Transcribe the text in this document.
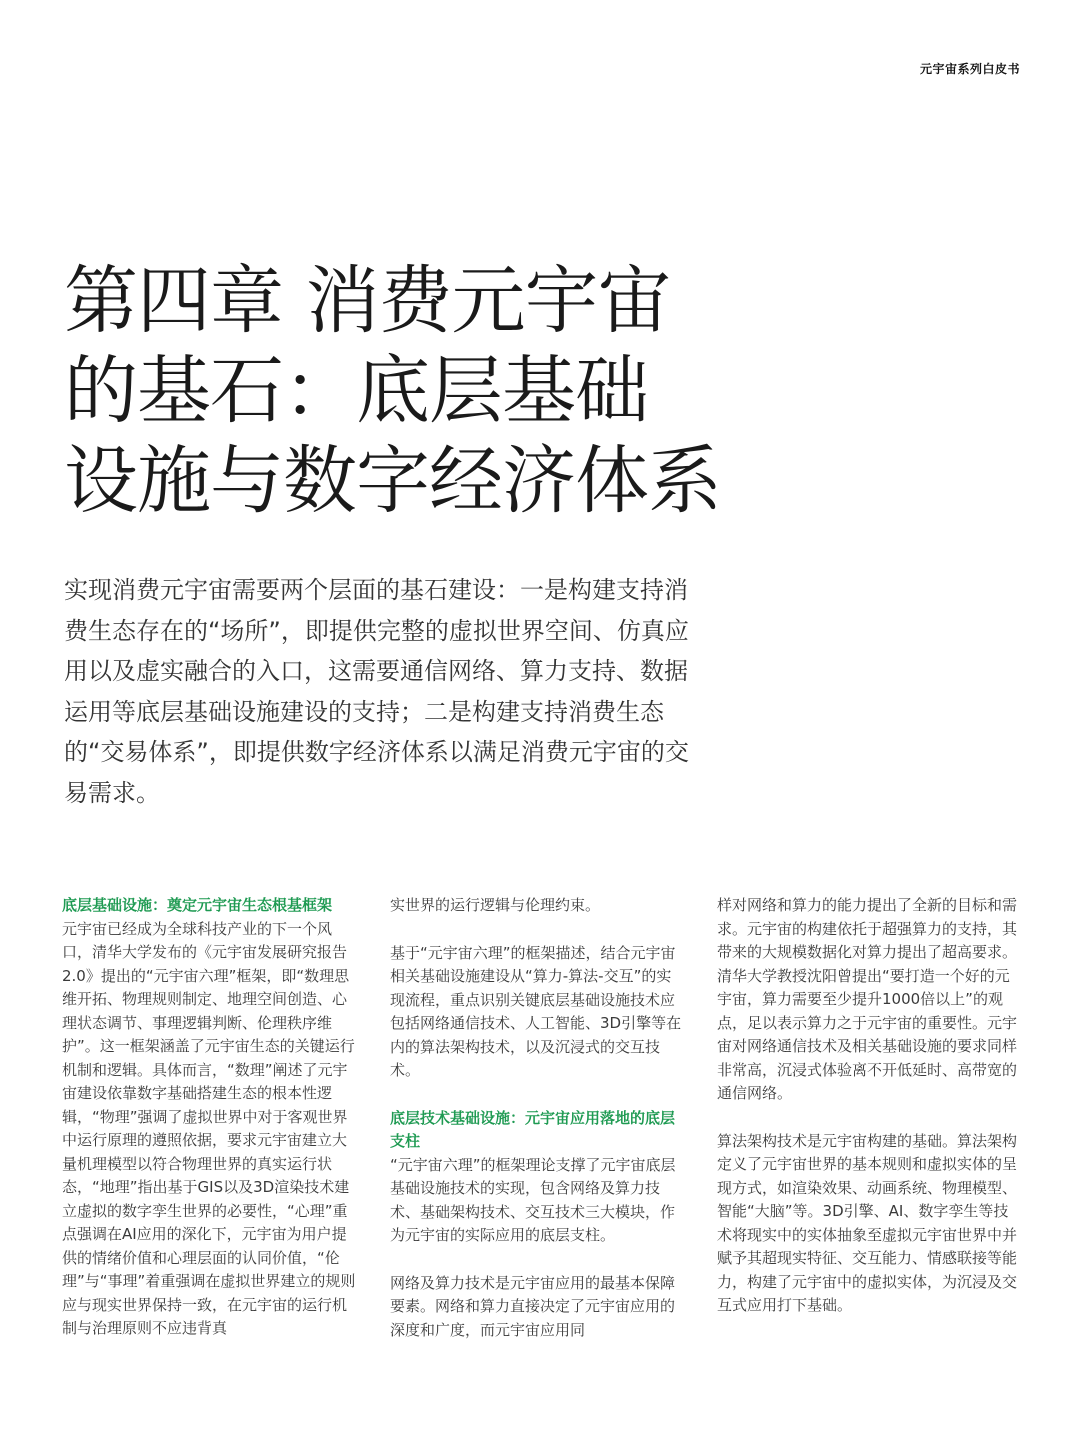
元宇宙系列白皮书
第四章 消费元宇宙
的基石：底层基础
设施与数字经济体系

实现消费元宇宙需要两个层面的基石建设：一是构建支持消费生态存在的“场所”，即提供完整的虚拟世界空间、仿真应用以及虚实融合的入口，这需要通信网络、算力支持、数据运用等底层基础设施建设的支持；二是构建支持消费生态的“交易体系”，即提供数字经济体系以满足消费元宇宙的交易需求。

底层基础设施：奠定元宇宙生态根基框架

元宇宙已经成为全球科技产业的下一个风口，清华大学发布的《元宇宙发展研究报告2.0》提出的“元宇宙六理”框架，即“数理思维开拓、物理规则制定、地理空间创造、心理状态调节、事理逻辑判断、伦理秩序维护”。这一框架涵盖了元宇宙生态的关键运行机制和逻辑。具体而言，“数理”阐述了元宇宙建设依靠数字基础搭建生态的根本性逻辑，“物理”强调了虚拟世界中对于客观世界中运行原理的遵照依据，要求元宇宙建立大量机理模型以符合物理世界的真实运行状态，“地理”指出基于GIS以及3D渲染技术建立虚拟的数字孪生世界的必要性，“心理”重点强调在AI应用的深化下，元宇宙为用户提供的情绪价值和心理层面的认同价值，“伦理”与“事理”着重强调在虚拟世界建立的规则应与现实世界保持一致，在元宇宙的运行机制与治理原则不应违背真

实世界的运行逻辑与伦理约束。

基于“元宇宙六理”的框架描述，结合元宇宙相关基础设施建设从“算力-算法-交互”的实现流程，重点识别关键底层基础设施技术应包括网络通信技术、人工智能、3D引擎等在内的算法架构技术，以及沉浸式的交互技术。

底层技术基础设施：元宇宙应用落地的底层支柱

“元宇宙六理”的框架理论支撑了元宇宙底层基础设施技术的实现，包含网络及算力技术、基础架构技术、交互技术三大模块，作为元宇宙的实际应用的底层支柱。

网络及算力技术是元宇宙应用的最基本保障要素。网络和算力直接决定了元宇宙应用的深度和广度，而元宇宙应用同

样对网络和算力的能力提出了全新的目标和需求。元宇宙的构建依托于超强算力的支持，其带来的大规模数据化对算力提出了超高要求。清华大学教授沈阳曾提出“要打造一个好的元宇宙，算力需要至少提升1000倍以上”的观点，足以表示算力之于元宇宙的重要性。元宇宙对网络通信技术及相关基础设施的要求同样非常高，沉浸式体验离不开低延时、高带宽的通信网络。

算法架构技术是元宇宙构建的基础。算法架构定义了元宇宙世界的基本规则和虚拟实体的呈现方式，如渲染效果、动画系统、物理模型、智能“大脑”等。3D引擎、AI、数字孪生等技术将现实中的实体抽象至虚拟元宇宙世界中并赋予其超现实特征、交互能力、情感联接等能力，构建了元宇宙中的虚拟实体，为沉浸及交互式应用打下基础。
